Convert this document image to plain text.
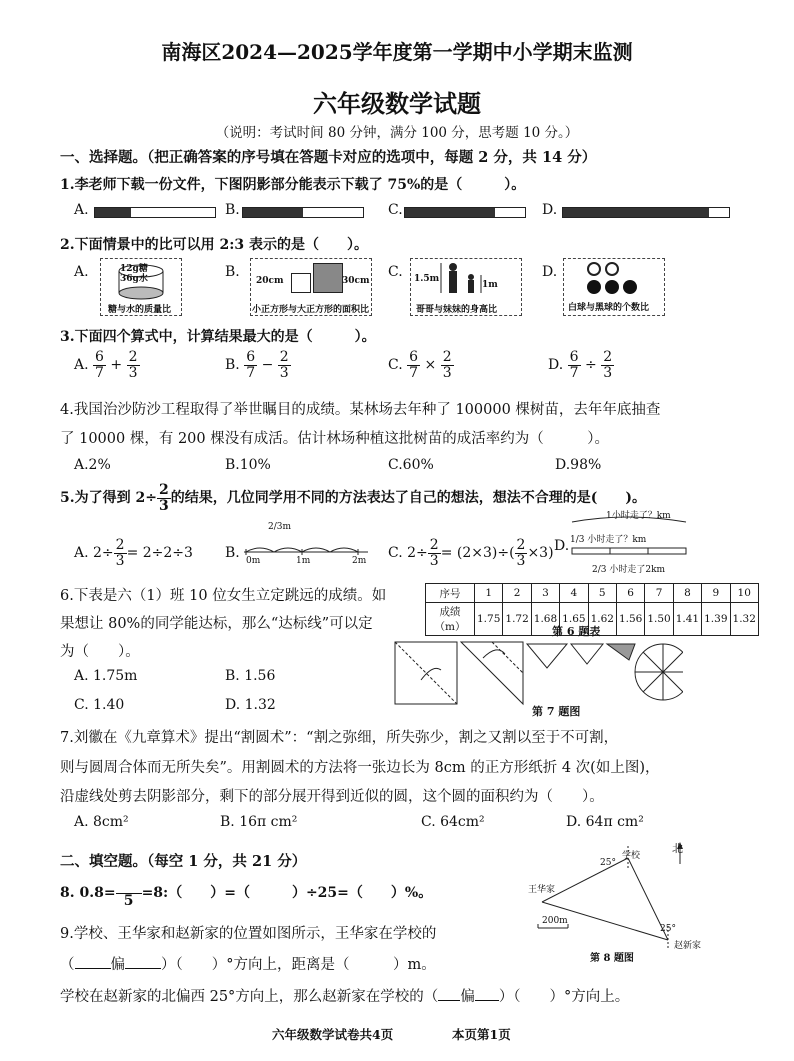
南海区2024—2025学年度第一学期中小学期末监测
六年级数学试题
（说明：考试时间 80 分钟，满分 100 分，思考题 10 分。）
一、选择题。（把正确答案的序号填在答题卡对应的选项中，每题 2 分，共 14 分）
1.李老师下载一份文件，下图阴影部分能表示下载了 75%的是（　　　）。
A.	B.	C.	D.
2.下面情景中的比可以用 2:3 表示的是（　　）。
A.	12g糖
36g水
糖与水的质量比
B.
20cm	30cm
小正方形与大正方形的面积比
C. 1.5m
1m
哥哥与妹妹的身高比
D.
白球与黑球的个数比
3.下面四个算式中，计算结果最大的是（　　　）。
A. $\frac{6}{7} + \frac{2}{3}$	B. $\frac{6}{7} - \frac{2}{3}$	C. $\frac{6}{7} \times \frac{2}{3}$	D. $\frac{6}{7} \div \frac{2}{3}$
4.我国治沙防沙工程取得了举世瞩目的成绩。某林场去年种了 100000 棵树苗，去年年底抽查
了 10000 棵，有 200 棵没有成活。估计林场种植这批树苗的成活率约为（　　　）。
A.2%	B.10%	C.60%	D.98%
5.为了得到 $2\div \frac{2}{3}$ 的结果，几位同学用不同的方法表达了自己的想法，想法不合理的是(　　)。
A. $2\div \frac{2}{3} = 2\div 2\div 3$ B.
2/3m
0m	1m	2m C. $2\div \frac{2}{3} = (2\times 3)\div( \frac{2}{3} \times 3)$ D.
1小时走了？km
1/3 小时走了？km
2/3 小时走了2km
6.下表是六（1）班 10 位女生立定跳远的成绩。如
果想让 80%的同学能达标，那么“达标线”可以定
为（　　）。
A. 1.75m	B. 1.56
C. 1.40	D. 1.32
序号	1	2	3	4	5	6	7	8	9	10
成绩（m）	1.75	1.72	1.68	1.65	1.62	1.56	1.50	1.41	1.39	1.32
第 6 题表
第 7 题图
7.刘徽在《九章算术》提出“割圆术”：“割之弥细，所失弥少，割之又割以至于不可割，
则与圆周合体而无所失矣”。用割圆术的方法将一张边长为 8cm 的正方形纸折 4 次(如上图)，
沿虚线处剪去阴影部分，剩下的部分展开得到近似的圆，这个圆的面积约为（　　）。
A. 8cm²	B. 16π cm²	C. 64cm²	D. 64π cm²
二、填空题。（每空 1 分，共 21 分）
8. 0.8=
5 =8:（　　）=（　　　）÷25=（　　）%。
9.学校、王华家和赵新家的位置如图所示，王华家在学校的
（ 偏 ）（　　）°方向上，距离是（　　　）m。
学校在赵新家的北偏西 25°方向上，那么赵新家在学校的（ 偏 ）（　　）°方向上。
学校
北
王华家
赵新家
25°
25°
200m
第 8 题图
六年级数学试卷共4页	本页第1页
